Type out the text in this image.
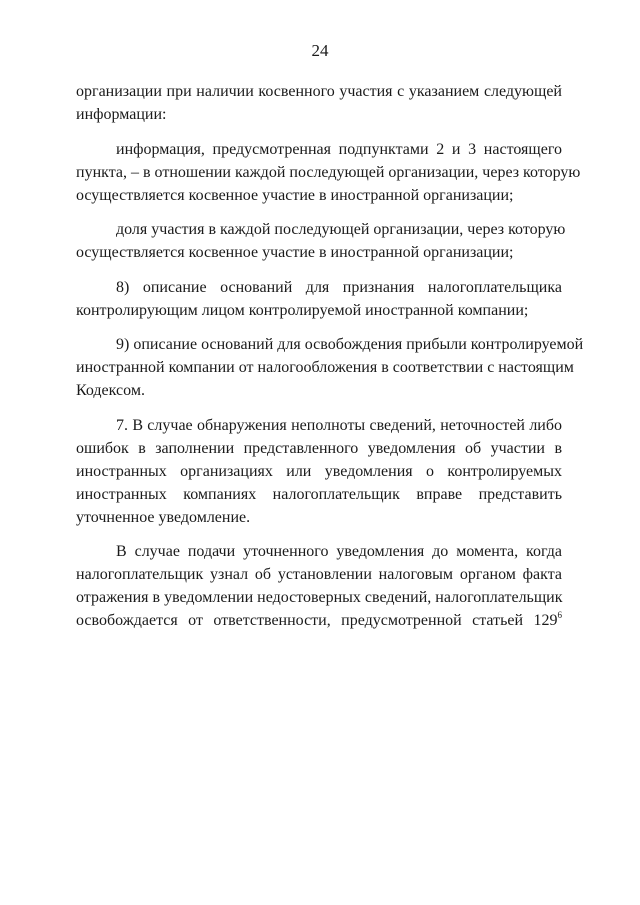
24
организации при наличии косвенного участия с указанием следующей
информации:
информация, предусмотренная подпунктами 2 и 3 настоящего
пункта, – в отношении каждой последующей организации, через которую
осуществляется косвенное участие в иностранной организации;
доля участия в каждой последующей организации, через которую
осуществляется косвенное участие в иностранной организации;
8) описание оснований для признания налогоплательщика
контролирующим лицом контролируемой иностранной компании;
9) описание оснований для освобождения прибыли контролируемой
иностранной компании от налогообложения в соответствии с настоящим
Кодексом.
7. В случае обнаружения неполноты сведений, неточностей либо
ошибок в заполнении представленного уведомления об участии в
иностранных организациях или уведомления о контролируемых
иностранных компаниях налогоплательщик вправе представить
уточненное уведомление.
В случае подачи уточненного уведомления до момента, когда
налогоплательщик узнал об установлении налоговым органом факта
отражения в уведомлении недостоверных сведений, налогоплательщик
освобождается от ответственности, предусмотренной статьей $129^6$
